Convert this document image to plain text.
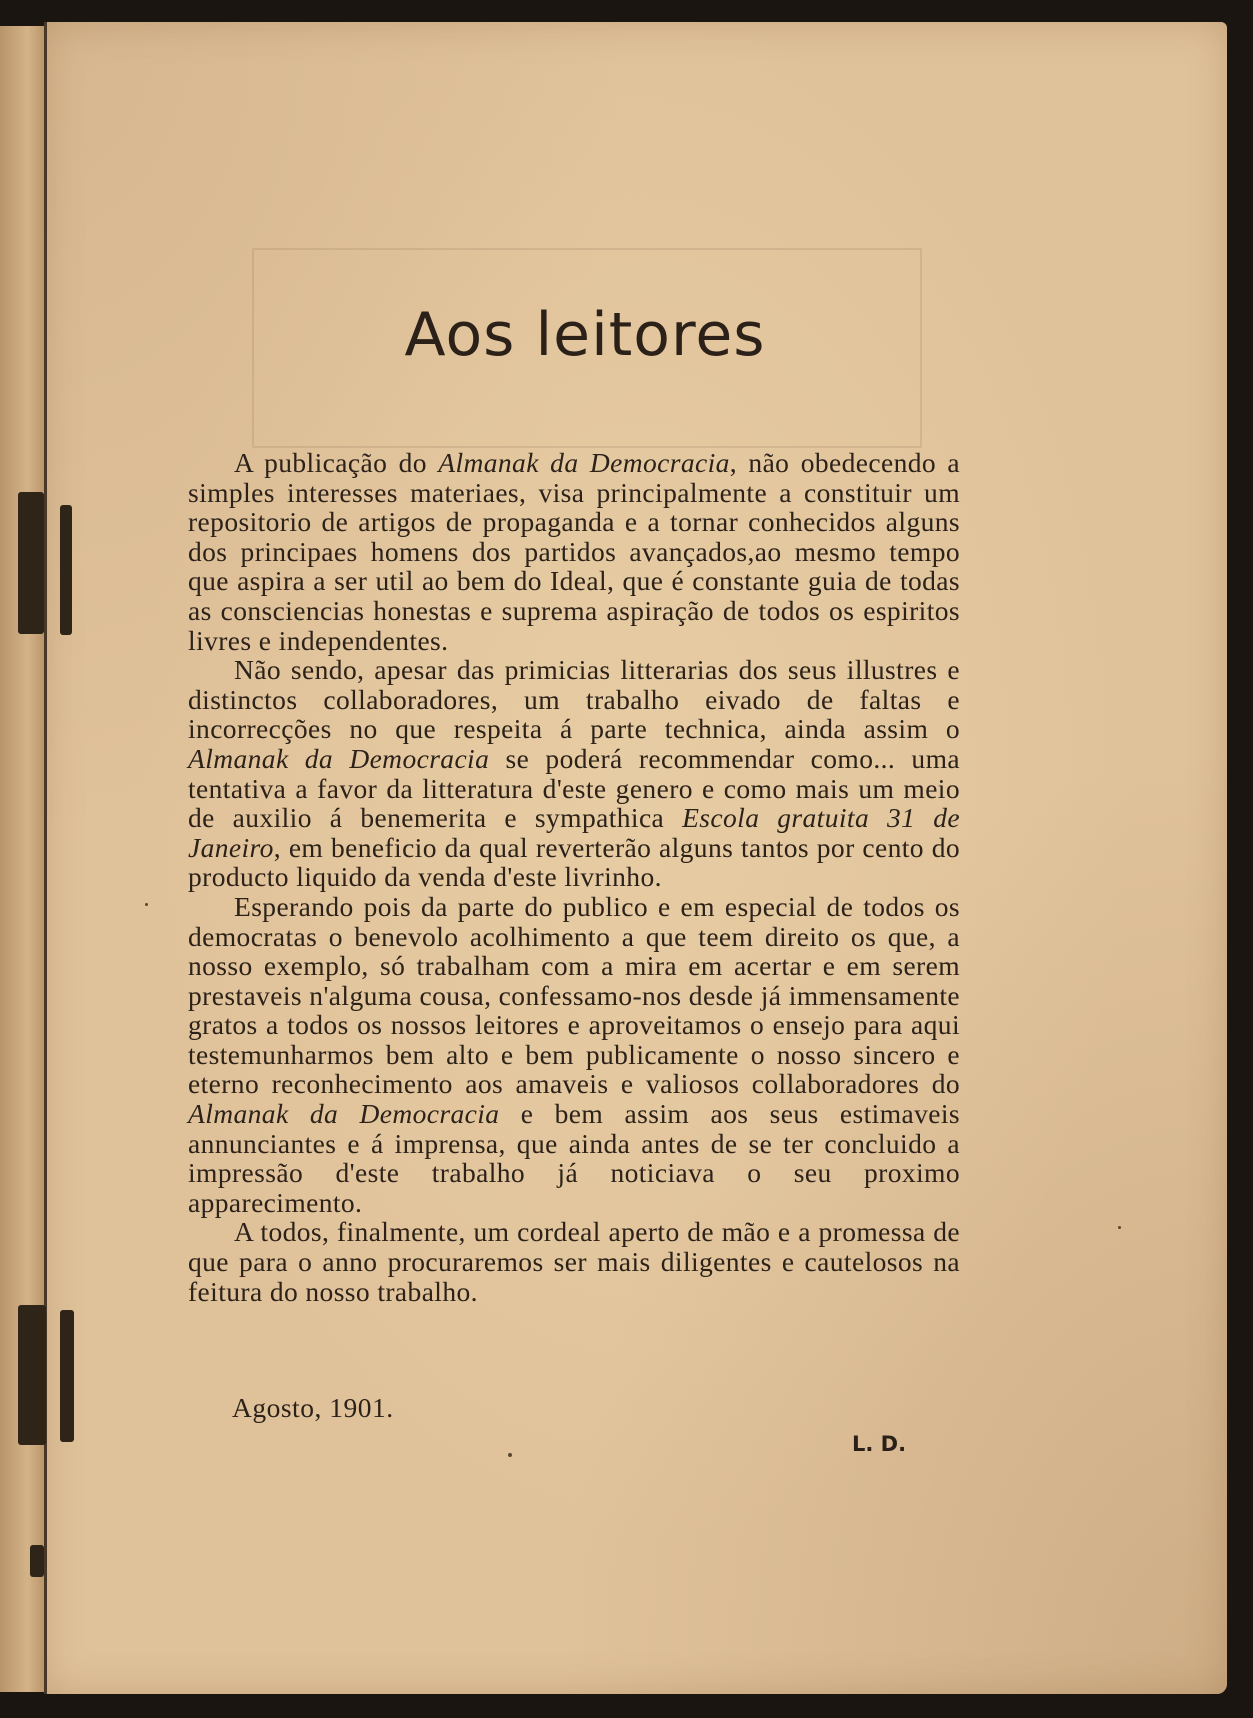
Aos leitores

A publicação do Almanak da Democracia, não obedecendo a simples interesses materiaes, visa principalmente a constituir um repositorio de artigos de propaganda e a tornar conhecidos alguns dos principaes homens dos partidos avançados,ao mesmo tempo que aspira a ser util ao bem do Ideal, que é constante guia de todas as consciencias honestas e suprema aspiração de todos os espiritos livres e independentes.

Não sendo, apesar das primicias litterarias dos seus illustres e distinctos collaboradores, um trabalho eivado de faltas e incorrecções no que respeita á parte technica, ainda assim o Almanak da Democracia se poderá recommendar como... uma tentativa a favor da litteratura d'este genero e como mais um meio de auxilio á benemerita e sympathica Escola gratuita 31 de Janeiro, em beneficio da qual reverterão alguns tantos por cento do producto liquido da venda d'este livrinho.

Esperando pois da parte do publico e em especial de todos os democratas o benevolo acolhimento a que teem direito os que, a nosso exemplo, só trabalham com a mira em acertar e em serem prestaveis n'alguma cousa, confessamo-nos desde já immensamente gratos a todos os nossos leitores e aproveitamos o ensejo para aqui testemunharmos bem alto e bem publicamente o nosso sincero e eterno reconhecimento aos amaveis e valiosos collaboradores do Almanak da Democracia e bem assim aos seus estimaveis annunciantes e á imprensa, que ainda antes de se ter concluido a impressão d'este trabalho já noticiava o seu proximo apparecimento.

A todos, finalmente, um cordeal aperto de mão e a promessa de que para o anno procuraremos ser mais diligentes e cautelosos na feitura do nosso trabalho.

Agosto, 1901.
L. D.
